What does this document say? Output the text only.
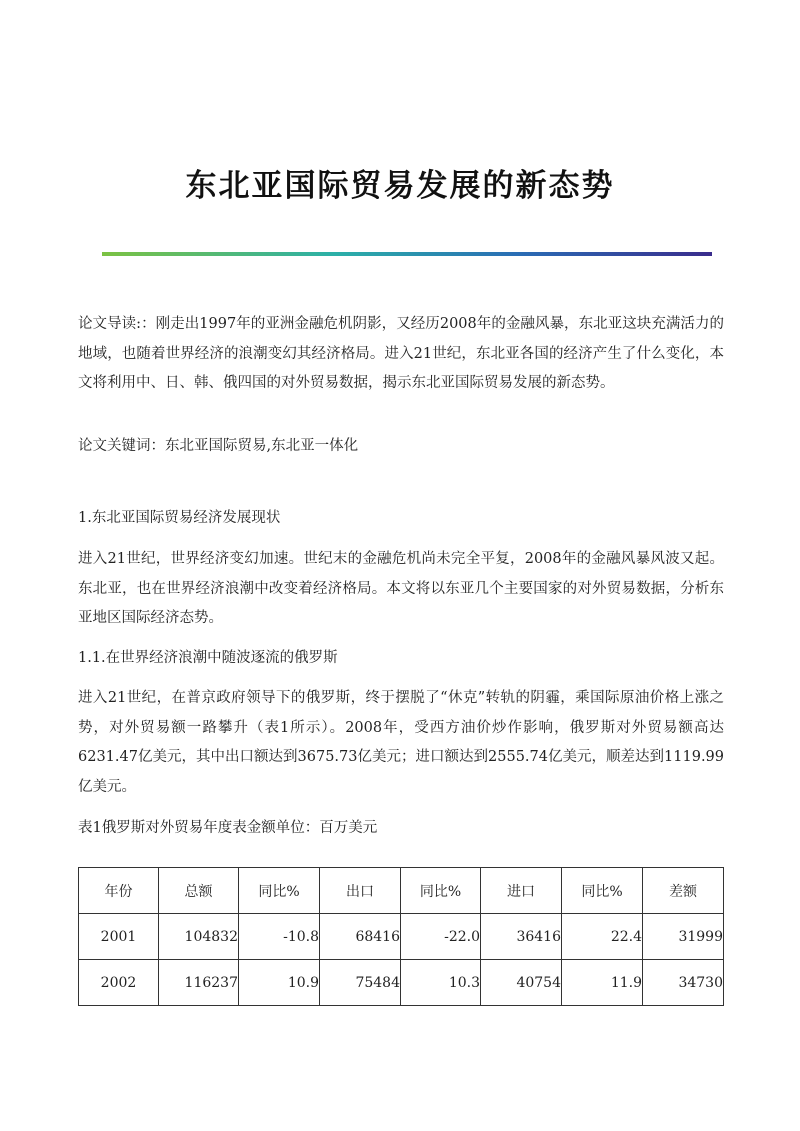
东北亚国际贸易发展的新态势

论文导读:：刚走出1997年的亚洲金融危机阴影，又经历2008年的金融风暴，东北亚这块充满活力的地域，也随着世界经济的浪潮变幻其经济格局。进入21世纪，东北亚各国的经济产生了什么变化，本文将利用中、日、韩、俄四国的对外贸易数据，揭示东北亚国际贸易发展的新态势。

论文关键词：东北亚国际贸易,东北亚一体化

1.东北亚国际贸易经济发展现状

进入21世纪，世界经济变幻加速。世纪末的金融危机尚未完全平复，2008年的金融风暴风波又起。东北亚，也在世界经济浪潮中改变着经济格局。本文将以东亚几个主要国家的对外贸易数据，分析东亚地区国际经济态势。

1.1.在世界经济浪潮中随波逐流的俄罗斯

进入21世纪，在普京政府领导下的俄罗斯，终于摆脱了“休克”转轨的阴霾，乘国际原油价格上涨之势，对外贸易额一路攀升（表1所示）。2008年，受西方油价炒作影响，俄罗斯对外贸易额高达6231.47亿美元，其中出口额达到3675.73亿美元；进口额达到2555.74亿美元，顺差达到1119.99亿美元。

表1俄罗斯对外贸易年度表金额单位：百万美元

年份	总额	同比%	出口	同比%	进口	同比%	差额
2001	104832	-10.8	68416	-22.0	36416	22.4	31999
2002	116237	10.9	75484	10.3	40754	11.9	34730
